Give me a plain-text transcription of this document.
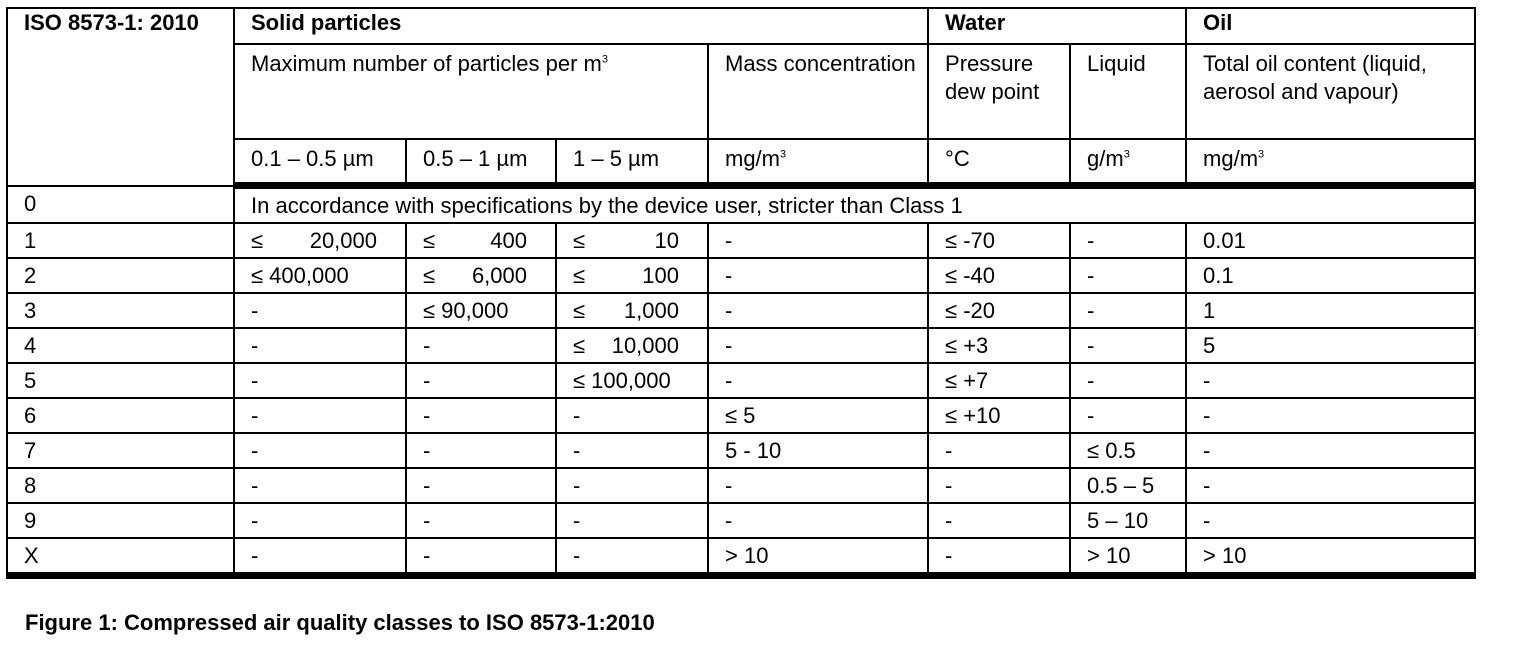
ISO 8573-1: 2010	Solid particles				Water		Oil
	Maximum number of particles per $m^3$			Mass concentration	Pressure dew point	Liquid	Total oil content (liquid, aerosol and vapour)
	0.1 – 0.5 µm	0.5 – 1 µm	1 – 5 µm	$mg/m^3$	°C	$g/m^3$	$mg/m^3$
0	In accordance with specifications by the device user, stricter than Class 1						
1	≤ 20,000	≤ 400	≤ 10	-	≤ -70	-	0.01
2	≤ 400,000	≤ 6,000	≤ 100	-	≤ -40	-	0.1
3	-	≤ 90,000	≤ 1,000	-	≤ -20	-	1
4	-	-	≤ 10,000	-	≤ +3	-	5
5	-	-	≤ 100,000	-	≤ +7	-	-
6	-	-	-	≤ 5	≤ +10	-	-
7	-	-	-	5 - 10	-	≤ 0.5	-
8	-	-	-	-	-	0.5 – 5	-
9	-	-	-	-	-	5 – 10	-
X	-	-	-	> 10	-	> 10	> 10
Figure 1: Compressed air quality classes to ISO 8573-1:2010
